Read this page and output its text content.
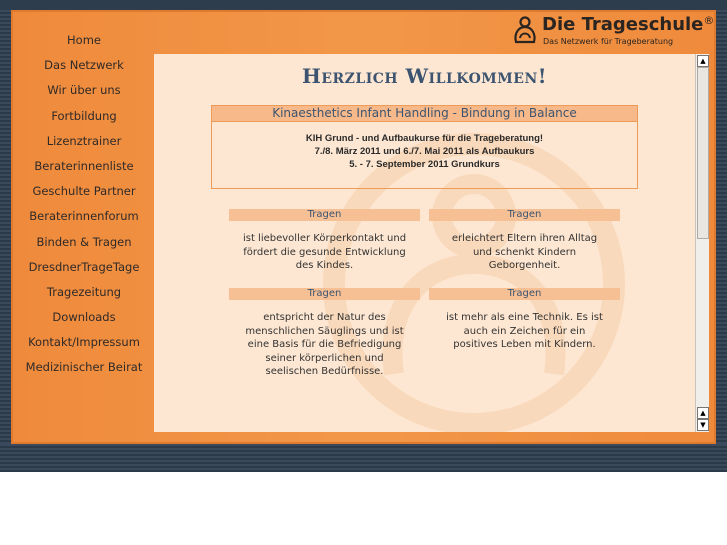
Home
Das Netzwerk
Wir über uns
Fortbildung
Lizenztrainer
Beraterinnenliste
Geschulte Partner
Beraterinnenforum
Binden & Tragen
DresdnerTrageTage
Tragezeitung
Downloads
Kontakt/Impressum
Medizinischer Beirat
Die Trageschule®
Das Netzwerk für Trageberatung
Herzlich Willkommen!
Kinaesthetics Infant Handling - Bindung in Balance
KIH Grund - und Aufbaukurse für die Trageberatung!
7./8. März 2011 und 6./7. Mai 2011 als Aufbaukurs
5. - 7. September 2011 Grundkurs
Tragen
ist liebevoller Körperkontakt und
fördert die gesunde Entwicklung
des Kindes.
Tragen
erleichtert Eltern ihren Alltag
und schenkt Kindern
Geborgenheit.
Tragen
entspricht der Natur des
menschlichen Säuglings und ist
eine Basis für die Befriedigung
seiner körperlichen und
seelischen Bedürfnisse.
Tragen
ist mehr als eine Technik. Es ist
auch ein Zeichen für ein
positives Leben mit Kindern.
▲
▲
▼
